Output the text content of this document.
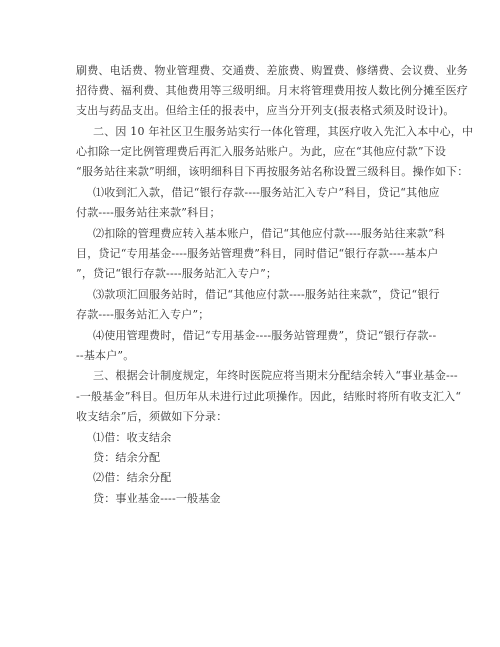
刷费、电话费、物业管理费、交通费、差旅费、购置费、修缮费、会议费、业务
招待费、福利费、其他费用等三级明细。月末将管理费用按人数比例分摊至医疗
支出与药品支出。但给主任的报表中，应当分开列支(报表格式须及时设计)。
二、因 10 年社区卫生服务站实行一体化管理，其医疗收入先汇入本中心，中
心扣除一定比例管理费后再汇入服务站账户。为此，应在“其他应付款”下设
“服务站往来款”明细，该明细科目下再按服务站名称设置三级科目。操作如下：
⑴收到汇入款，借记“银行存款----服务站汇入专户”科目，贷记“其他应
付款----服务站往来款”科目；
⑵扣除的管理费应转入基本账户，借记“其他应付款----服务站往来款”科
目，贷记“专用基金----服务站管理费”科目，同时借记“银行存款----基本户
”，贷记“银行存款----服务站汇入专户”；
⑶款项汇回服务站时，借记“其他应付款----服务站往来款”，贷记“银行
存款----服务站汇入专户”；
⑷使用管理费时，借记“专用基金----服务站管理费”，贷记“银行存款--
--基本户”。
三、根据会计制度规定，年终时医院应将当期末分配结余转入“事业基金---
-一般基金”科目。但历年从未进行过此项操作。因此，结账时将所有收支汇入“
收支结余”后，须做如下分录：
⑴借：收支结余
贷：结余分配
⑵借：结余分配
贷：事业基金----一般基金
